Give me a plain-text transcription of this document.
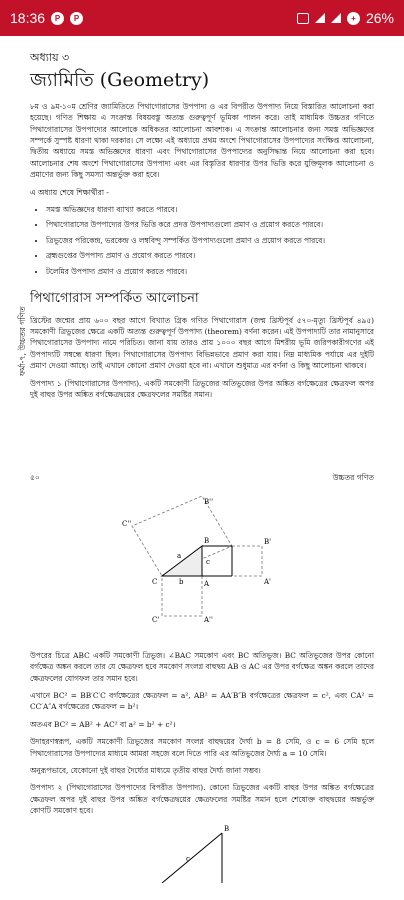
18:36	P	P	+ 26%
ফর্মা-৭, উচ্চতর গণিত
অধ্যায় ৩
জ্যামিতি (Geometry)

৮ম ও ৯ম-১০ম শ্রেণির জ্যামিতিতে পিথাগোরাসের উপপাদ্য ও এর বিপরীত উপপাদ্য নিয়ে বিস্তারিত আলোচনা করা হয়েছে। গণিত শিক্ষায় এ সংক্রান্ত বিষয়বস্তু অত্যন্ত গুরুত্বপূর্ণ ভূমিকা পালন করে। তাই মাধ্যমিক উচ্চতর গণিতে পিথাগোরাসের উপপাদ্যের আলোকে অধিকতর আলোচনা আবশ্যক। এ সংক্রান্ত আলোচনার জন্য সমস্ত অভিজ্ঞদের সম্পর্কে সুস্পষ্ট ধারণা থাকা দরকার। সে লক্ষ্যে এই অধ্যায়ে প্রথম অংশে পিথাগোরাসের উপপাদ্যের সংক্ষিপ্ত আলোচনা, দ্বিতীয় অধ্যায়ে সমস্ত অভিজ্ঞদের ধারণা এবং পিথাগোরাসের উপপাদ্যের অনুসিদ্ধান্ত নিয়ে আলোচনা করা হবে। আলোচনার শেষ অংশে পিথাগোরাসের উপপাদ্য এবং এর বিস্তৃতির ধারণার উপর ভিত্তি করে যুক্তিমূলক আলোচনা ও প্রমাণের জন্য কিছু সমস্যা অন্তর্ভুক্ত করা হবে।

এ অধ্যায় শেষে শিক্ষার্থীরা -

• সমস্ত অভিজ্ঞদের ধারণা ব্যাখ্যা করতে পারবে।
• পিথাগোরাসের উপপাদ্যের উপর ভিত্তি করে প্রদত্ত উপপাদ্যগুলো প্রমাণ ও প্রয়োগ করতে পারবে।
• ত্রিভুজের পরিকেন্দ্র, ভরকেন্দ্র ও লম্ববিন্দু সম্পর্কিত উপপাদ্যগুলো প্রমাণ ও প্রয়োগ করতে পারবে।
• ব্রহ্মগুপ্তের উপপাদ্য প্রমাণ ও প্রয়োগ করতে পারবে।
• টলেমির উপপাদ্য প্রমাণ ও প্রয়োগ করতে পারবে।
পিথাগোরাস সম্পর্কিত আলোচনা

খ্রিস্টের জন্মের প্রায় ৬০০ বছর আগে বিখ্যাত গ্রিক গণিত পিথাগোরাস (জন্ম খ্রিস্টপূর্ব ৫৭০-মৃত্যু খ্রিস্টপূর্ব ৪৯৫) সমকোণী ত্রিভুজের ক্ষেত্রে একটি অত্যন্ত গুরুত্বপূর্ণ উপপাদ্য (theorem) বর্ণনা করেন। এই উপপাদ্যটি তার নামানুসারে পিথাগোরাসের উপপাদ্য নামে পরিচিত। জানা যায় তারও প্রায় ১০০০ বছর আগে মিশরীয় ভূমি জরিপকারীগণের এই উপপাদ্যটি সম্বন্ধে ধারণা ছিল। পিথাগোরাসের উপপাদ্য বিভিন্নভাবে প্রমাণ করা যায়। নিম্ন মাধ্যমিক পর্যায়ে এর দুইটি প্রমাণ দেওয়া আছে। তাই এখানে কোনো প্রমাণ দেওয়া হবে না। এখানে শুধুমাত্র এর বর্ণনা ও কিছু আলোচনা থাকবে।

উপপাদ্য ১ (পিথাগোরাসের উপপাদ্য). একটি সমকোণী ত্রিভুজের অতিভুজের উপর অঙ্কিত বর্গক্ষেত্রের ক্ষেত্রফল অপর দুই বাহুর উপর অঙ্কিত বর্গক্ষেত্রদ্বয়ের ক্ষেত্রফলের সমষ্টির সমান।

৫০	উচ্চতর গণিত
B''
C''
B	B'
C	A	A'
C'	A''
a
b
c

উপরের চিত্রে ABC একটি সমকোণী ত্রিভুজ। ∠BAC সমকোণ এবং BC অতিভুজ। BC অতিভুজের উপর কোনো বর্গক্ষেত্র অঙ্কন করলে তার যে ক্ষেত্রফল হবে সমকোণ সংলগ্ন বাহুদ্বয় AB ও AC এর উপর বর্গক্ষেত্র অঙ্কন করলে তাদের ক্ষেত্রফলের যোগফল তার সমান হবে।

এখানে BC² = BB′C′C বর্গক্ষেত্রের ক্ষেত্রফল = a², AB² = AA′B″B বর্গক্ষেত্রের ক্ষেত্রফল = c², এবং CA² = CC′A″A বর্গক্ষেত্রের ক্ষেত্রফল = b²।

অতএব BC² = AB² + AC² বা a² = b² + c²।

উদাহরণস্বরূপ, একটি সমকোণী ত্রিভুজের সমকোণ সংলগ্ন বাহুদ্বয়ের দৈর্ঘ্য b = 8 সেমি, ও c = 6 সেমি হলে পিথাগোরাসের উপপাদ্যের মাধ্যমে আমরা সহজে বলে দিতে পারি এর অতিভুজের দৈর্ঘ্য a = 10 সেমি।

অনুরূপভাবে, যেকোনো দুই বাহুর দৈর্ঘ্যের মাধ্যমে তৃতীয় বাহুর দৈর্ঘ্য জানা সম্ভব।

উপপাদ্য ২ (পিথাগোরাসের উপপাদ্যের বিপরীত উপপাদ্য). কোনো ত্রিভুজের একটি বাহুর উপর অঙ্কিত বর্গক্ষেত্রের ক্ষেত্রফল অপর দুই বাহুর উপর অঙ্কিত বর্গক্ষেত্রদ্বয়ের ক্ষেত্রফলের সমষ্টির সমান হলে শেষোক্ত বাহুদ্বয়ের অন্তর্ভুক্ত কোণটি সমকোণ হবে।

B
c
